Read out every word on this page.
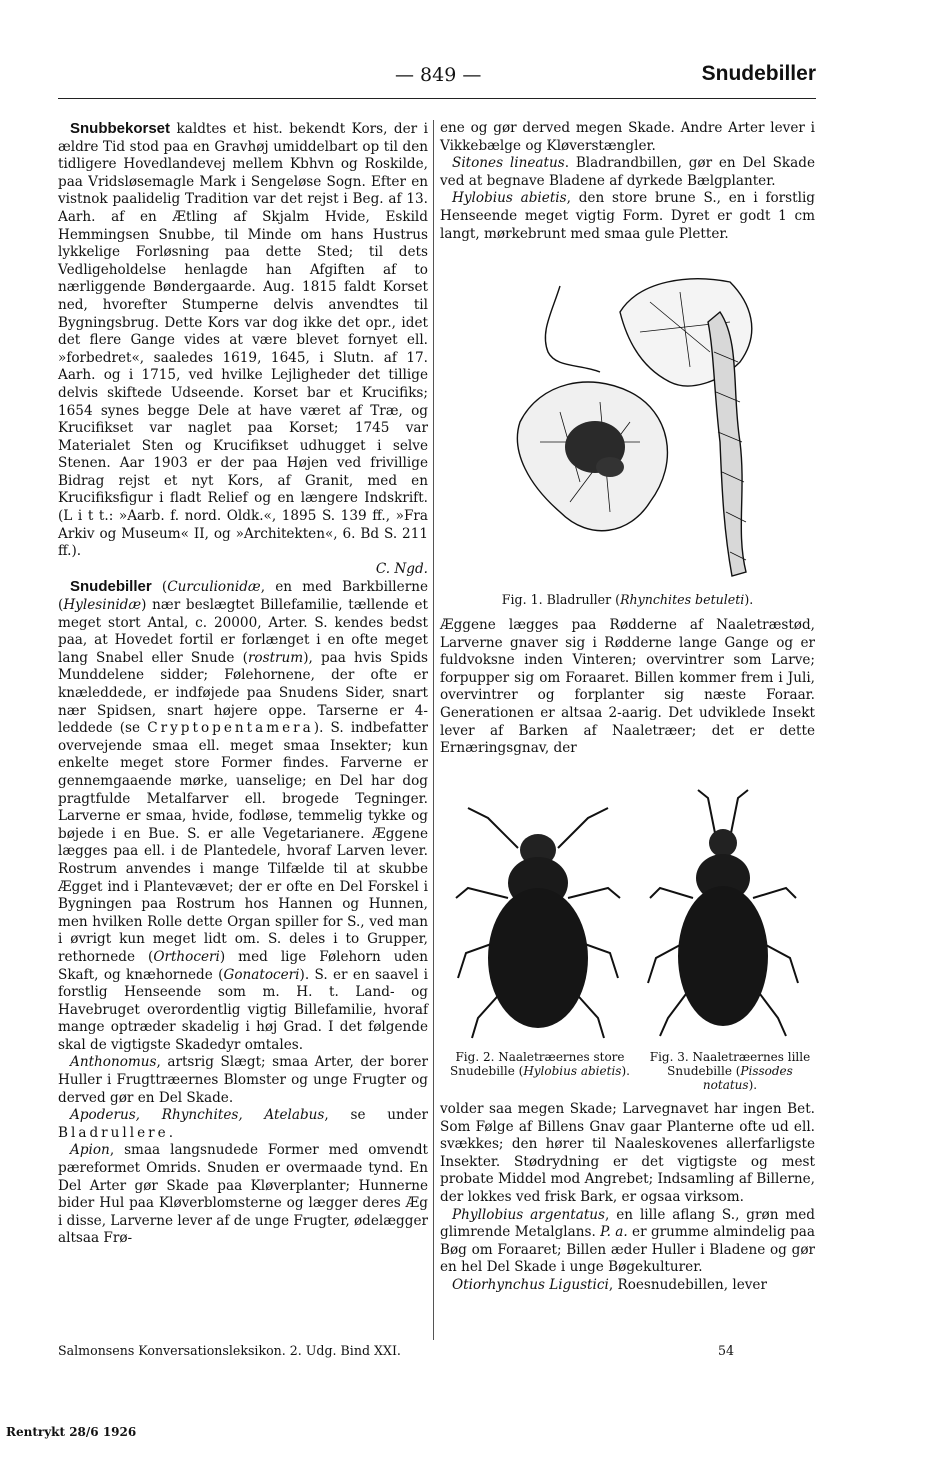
— 849 —	Snudebiller

Snubbekorset kaldtes et hist. bekendt Kors, der i ældre Tid stod paa en Gravhøj umiddelbart op til den tidligere Hovedlandevej mellem Kbhvn og Roskilde, paa Vridsløsemagle Mark i Sengeløse Sogn. Efter en vistnok paalidelig Tradition var det rejst i Beg. af 13. Aarh. af en Ætling af Skjalm Hvide, Eskild Hemmingsen Snubbe, til Minde om hans Hustrus lykkelige Forløsning paa dette Sted; til dets Vedligeholdelse henlagde han Afgiften af to nærliggende Bøndergaarde. Aug. 1815 faldt Korset ned, hvorefter Stumperne delvis anvendtes til Bygningsbrug. Dette Kors var dog ikke det opr., idet det flere Gange vides at være blevet fornyet ell. »forbedret«, saaledes 1619, 1645, i Slutn. af 17. Aarh. og i 1715, ved hvilke Lejligheder det tillige delvis skiftede Udseende. Korset bar et Krucifiks; 1654 synes begge Dele at have været af Træ, og Krucifikset var naglet paa Korset; 1745 var Materialet Sten og Krucifikset udhugget i selve Stenen. Aar 1903 er der paa Højen ved frivillige Bidrag rejst et nyt Kors, af Granit, med en Krucifiksfigur i fladt Relief og en længere Indskrift. (L i t t.: »Aarb. f. nord. Oldk.«, 1895 S. 139 ff., »Fra Arkiv og Museum« II, og »Architekten«, 6. Bd S. 211 ff.).

C. Ngd.

Snudebiller (Curculionidæ, en med Barkbillerne (Hylesinidæ) nær beslægtet Billefamilie, tællende et meget stort Antal, c. 20000, Arter. S. kendes bedst paa, at Hovedet fortil er forlænget i en ofte meget lang Snabel eller Snude (rostrum), paa hvis Spids Munddelene sidder; Følehornene, der ofte er knæleddede, er indføjede paa Snudens Sider, snart nær Spidsen, snart højere oppe. Tarserne er 4-leddede (se Cryptopentamera). S. indbefatter overvejende smaa ell. meget smaa Insekter; kun enkelte meget store Former findes. Farverne er gennemgaaende mørke, uanselige; en Del har dog pragtfulde Metalfarver ell. brogede Tegninger. Larverne er smaa, hvide, fodløse, temmelig tykke og bøjede i en Bue. S. er alle Vegetarianere. Æggene lægges paa ell. i de Plantedele, hvoraf Larven lever. Rostrum anvendes i mange Tilfælde til at skubbe Ægget ind i Plantevævet; der er ofte en Del Forskel i Bygningen paa Rostrum hos Hannen og Hunnen, men hvilken Rolle dette Organ spiller for S., ved man i øvrigt kun meget lidt om. S. deles i to Grupper, rethornede (Orthoceri) med lige Følehorn uden Skaft, og knæhornede (Gonatoceri). S. er en saavel i forstlig Henseende som m. H. t. Land- og Havebruget overordentlig vigtig Billefamilie, hvoraf mange optræder skadelig i høj Grad. I det følgende skal de vigtigste Skadedyr omtales.

Anthonomus, artsrig Slægt; smaa Arter, der borer Huller i Frugttræernes Blomster og unge Frugter og derved gør en Del Skade.

Apoderus, Rhynchites, Atelabus, se under Bladrullere.

Apion, smaa langsnudede Former med omvendt pæreformet Omrids. Snuden er overmaade tynd. En Del Arter gør Skade paa Kløverplanter; Hunnerne bider Hul paa Kløverblomsterne og lægger deres Æg i disse, Larverne lever af de unge Frugter, ødelægger altsaa Frø-

ene og gør derved megen Skade. Andre Arter lever i Vikkebælge og Kløverstængler.

Sitones lineatus. Bladrandbillen, gør en Del Skade ved at begnave Bladene af dyrkede Bælgplanter.

Hylobius abietis, den store brune S., en i forstlig Henseende meget vigtig Form. Dyret er godt 1 cm langt, mørkebrunt med smaa gule Pletter.

Fig. 1. Bladruller (Rhynchites betuleti).

Æggene lægges paa Rødderne af Naaletræstød, Larverne gnaver sig i Rødderne lange Gange og er fuldvoksne inden Vinteren; overvintrer som Larve; forpupper sig om Foraaret. Billen kommer frem i Juli, overvintrer og forplanter sig næste Foraar. Generationen er altsaa 2-aarig. Det udviklede Insekt lever af Barken af Naaletræer; det er dette Ernæringsgnav, der

Fig. 2. Naaletræernes store Snudebille (Hylobius abietis).
Fig. 3. Naaletræernes lille Snudebille (Pissodes notatus).

volder saa megen Skade; Larvegnavet har ingen Bet. Som Følge af Billens Gnav gaar Planterne ofte ud ell. svækkes; den hører til Naaleskovenes allerfarligste Insekter. Stødrydning er det vigtigste og mest probate Middel mod Angrebet; Indsamling af Billerne, der lokkes ved frisk Bark, er ogsaa virksom.

Phyllobius argentatus, en lille aflang S., grøn med glimrende Metalglans. P. a. er grumme almindelig paa Bøg om Foraaret; Billen æder Huller i Bladene og gør en hel Del Skade i unge Bøgekulturer.

Otiorhynchus Ligustici, Roesnudebillen, lever

Salmonsens Konversationsleksikon. 2. Udg. Bind XXI.	54
Rentrykt 28/6 1926
